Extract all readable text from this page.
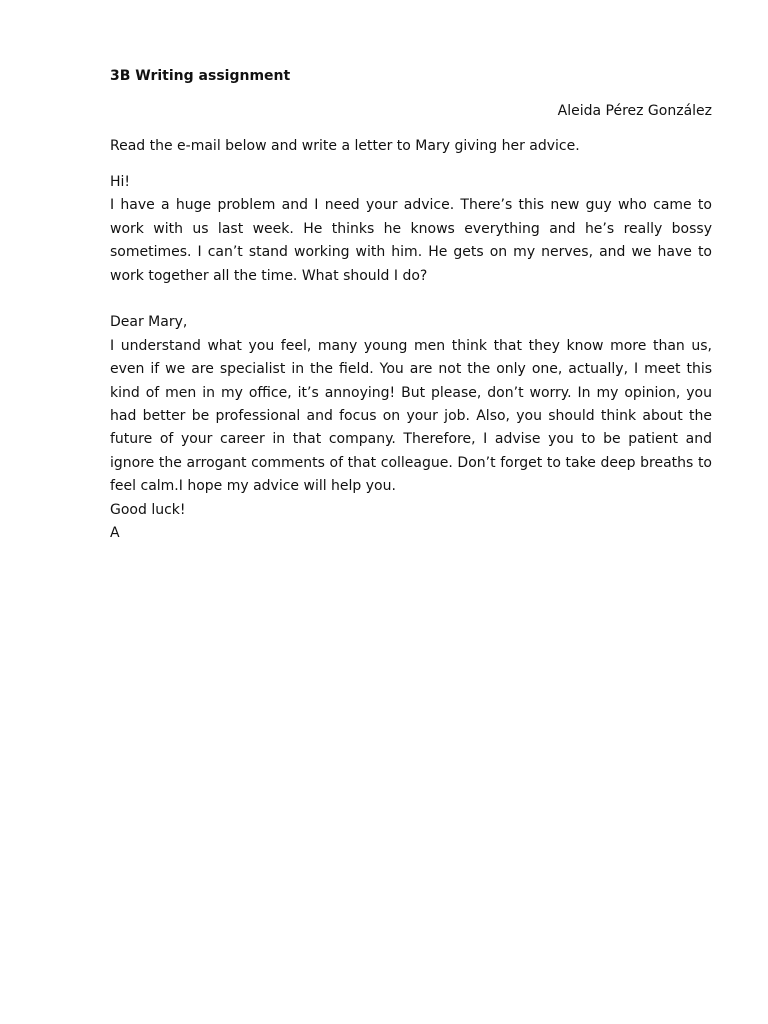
3B Writing assignment

Aleida Pérez González

Read the e-mail below and write a letter to Mary giving her advice.

Hi!

I have a huge problem and I need your advice. There’s this new guy who came to work with us last week. He thinks he knows everything and he’s really bossy sometimes. I can’t stand working with him. He gets on my nerves, and we have to work together all the time. What should I do?

Dear Mary,

I understand what you feel, many young men think that they know more than us, even if we are specialist in the field. You are not the only one, actually, I meet this kind of men in my office, it’s annoying! But please, don’t worry. In my opinion, you had better be professional and focus on your job. Also, you should think about the future of your career in that company. Therefore, I advise you to be patient and ignore the arrogant comments of that colleague. Don’t forget to take deep breaths to feel calm.I hope my advice will help you.

Good luck!
A
